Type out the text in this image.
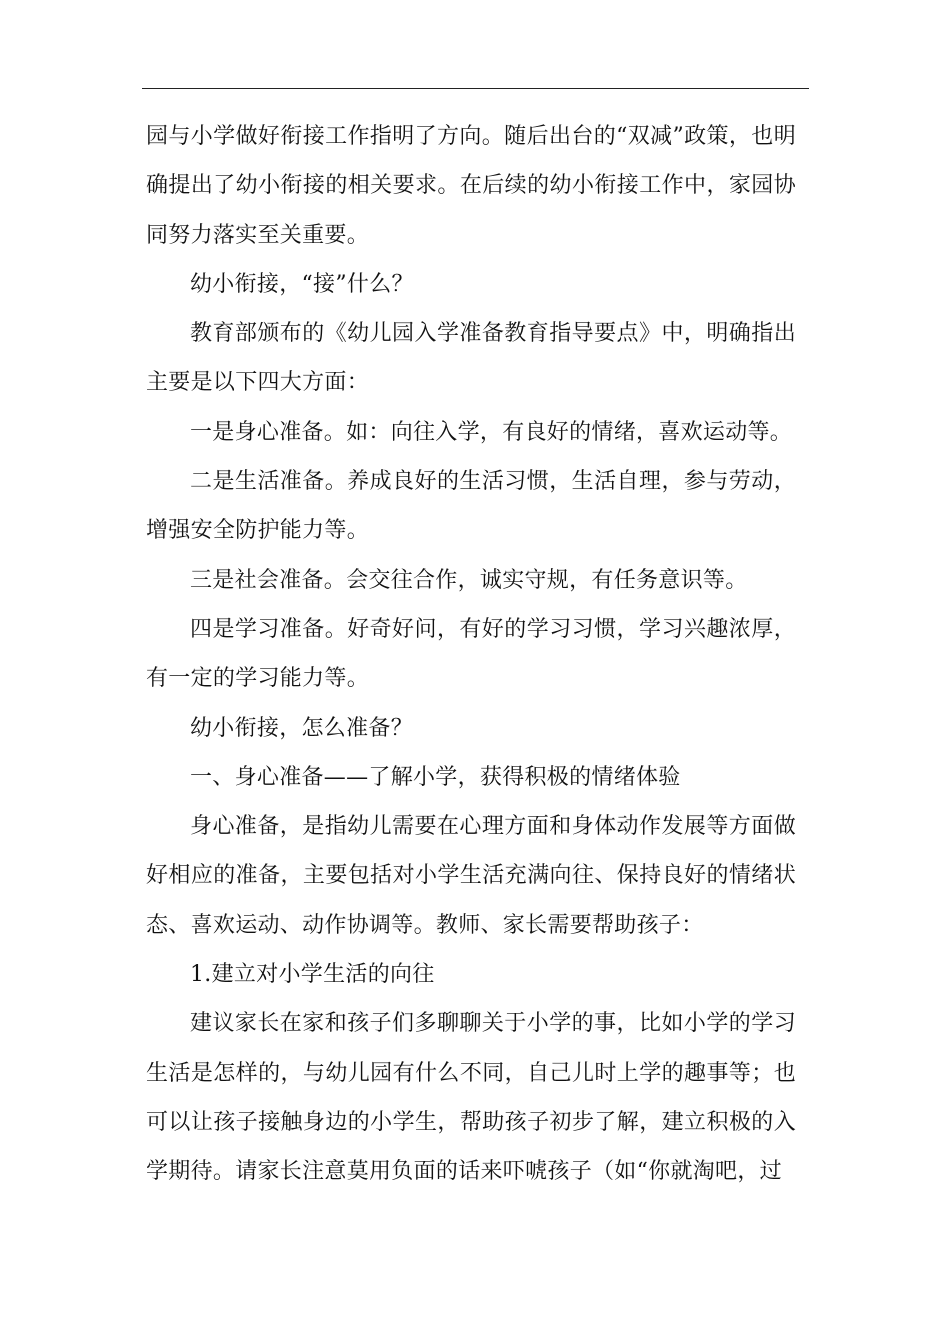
园与小学做好衔接工作指明了方向。随后出台的“双减”政策，也明确提出了幼小衔接的相关要求。在后续的幼小衔接工作中，家园协同努力落实至关重要。

幼小衔接，“接”什么？

教育部颁布的《幼儿园入学准备教育指导要点》中，明确指出主要是以下四大方面：

一是身心准备。如：向往入学，有良好的情绪，喜欢运动等。

二是生活准备。养成良好的生活习惯，生活自理，参与劳动，增强安全防护能力等。

三是社会准备。会交往合作，诚实守规，有任务意识等。

四是学习准备。好奇好问，有好的学习习惯，学习兴趣浓厚，有一定的学习能力等。

幼小衔接，怎么准备？

一、身心准备——了解小学，获得积极的情绪体验

身心准备，是指幼儿需要在心理方面和身体动作发展等方面做好相应的准备，主要包括对小学生活充满向往、保持良好的情绪状态、喜欢运动、动作协调等。教师、家长需要帮助孩子：

1.建立对小学生活的向往

建议家长在家和孩子们多聊聊关于小学的事，比如小学的学习生活是怎样的，与幼儿园有什么不同，自己儿时上学的趣事等；也可以让孩子接触身边的小学生，帮助孩子初步了解，建立积极的入学期待。请家长注意莫用负面的话来吓唬孩子（如“你就淘吧，过
